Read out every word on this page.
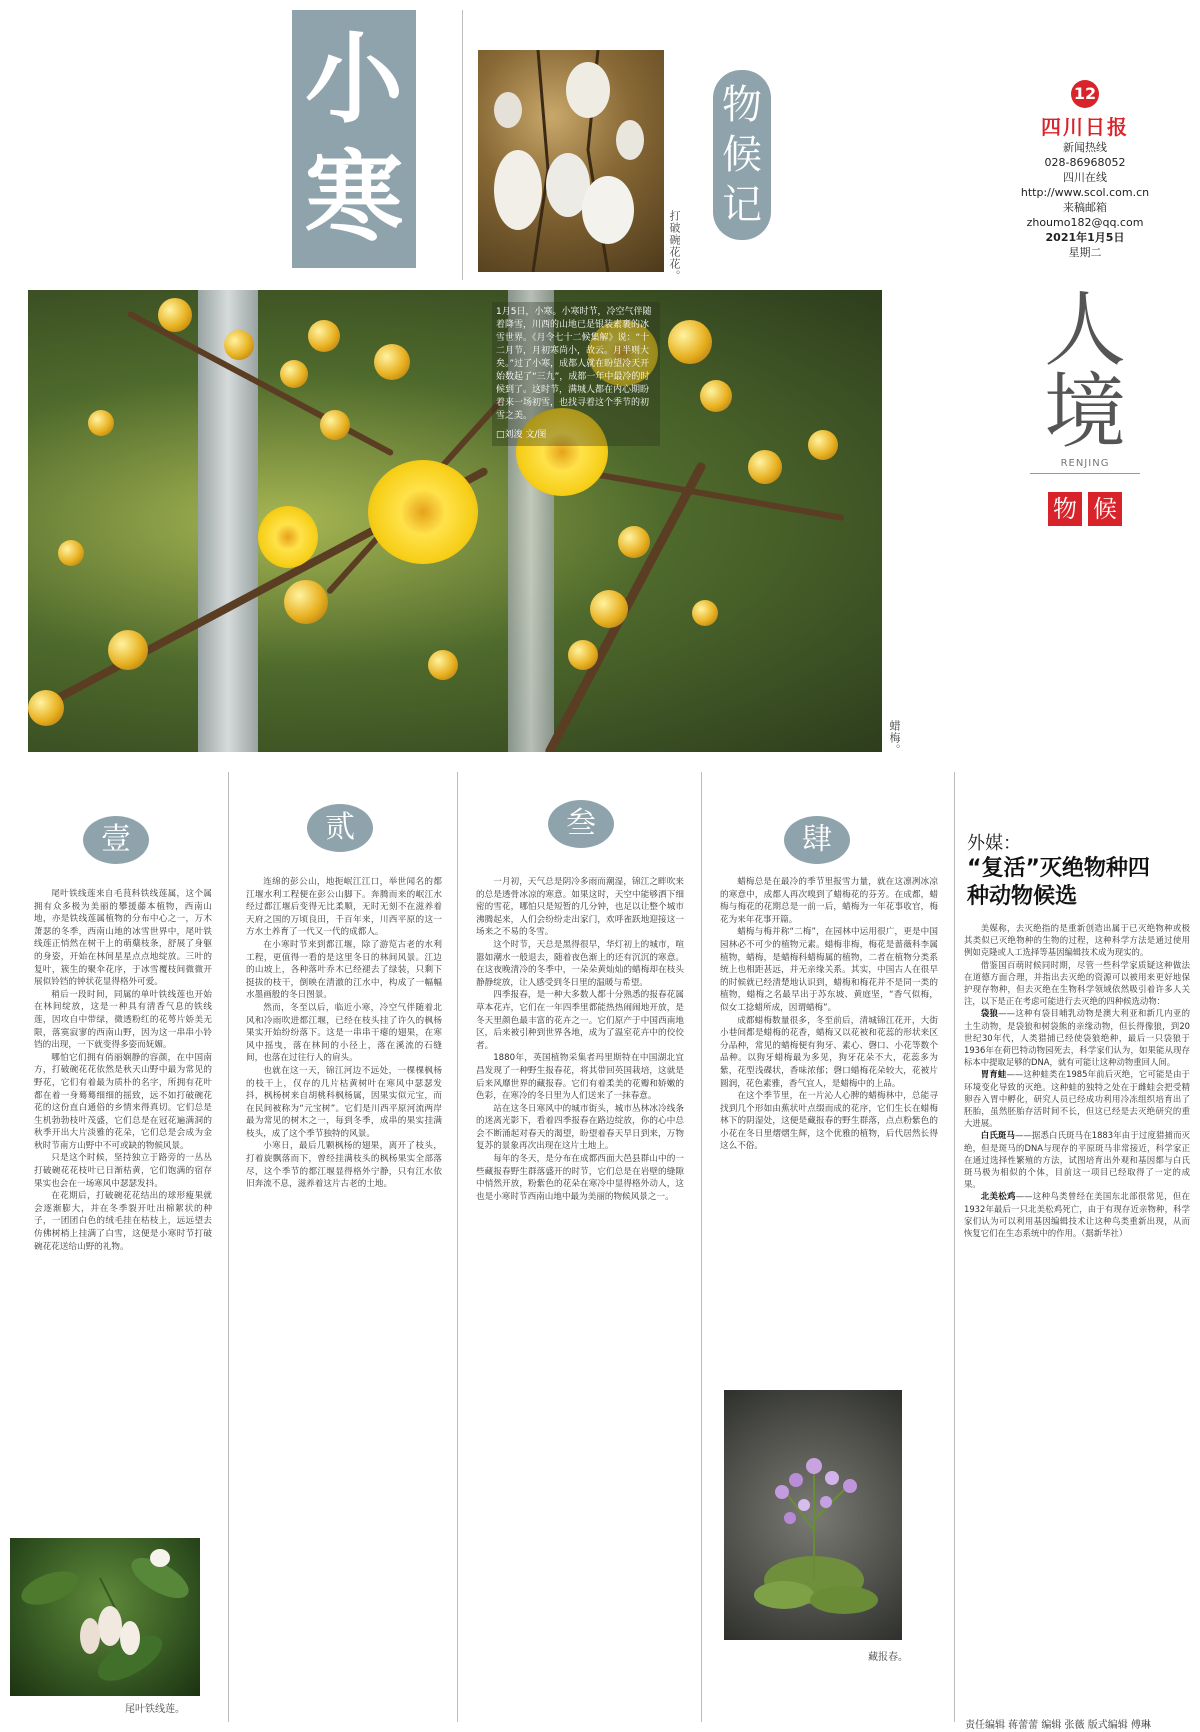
小
寒	打破碗花花。
物
候
记
12
四川日报
新闻热线
028-86968052
四川在线
http://www.scol.com.cn
来稿邮箱
zhoumo182@qq.com
2021年1月5日
星期二
人境
RENJING
物 候
1月5日，小寒。小寒时节，冷空气伴随着降雪，川西的山地已是银装素裹的冰雪世界。《月令七十二候集解》说：“十二月节，月初寒尚小，故云。月半则大矣。”过了小寒，成都人就在盼望冷天开始数起了“三九”，成都一年中最冷的时候到了。这时节，满城人都在内心期盼着来一场初雪，也找寻着这个季节的初雪之美。
□刘浚 文/图
蜡梅。
壹	贰	叁	肆

尾叶铁线莲来自毛茛科铁线莲属，这个属拥有众多极为美丽的攀援藤本植物，西南山地，亦是铁线莲属植物的分布中心之一，万木萧瑟的冬季，西南山地的冰雪世界中，尾叶铁线莲正悄然在树干上的萌蘖枝条，舒展了身躯的身姿，开始在林间星星点点地绽放。三叶的复叶，簇生的聚伞花序，于冰雪覆枝间微微开展似铃铛的钟状花显得格外可爱。

稍后一段时间，同属的单叶铁线莲也开始在林间绽放，这是一种具有清香气息的铁线莲，因攻自中带绿，微透粉红的花萼片娇美无限，落寞寂寥的西南山野，因为这一串串小铃铛的出现，一下就变得多姿而妩媚。

哪怕它们拥有俏丽娴静的容颜，在中国南方，打破碗花花依然是秋天山野中最为常见的野花，它们有着最为质朴的名字，所拥有花叶都在着一身蓦蓦细细的摇致，远不如打破碗花花的这份直白通俗的乡情来得真切。它们总是生机勃勃枝叶茂盛，它们总是在冠花遍满洞的秋季开出大片淡雅的花朵，它们总是会成为金秋时节南方山野中不可或缺的物候风景。

只是这个时候，坚持独立于路旁的一丛丛打破碗花花枝叶已日渐枯黄，它们饱满的宿存果实也会在一场寒风中瑟瑟发抖。

在花期后，打破碗花花结出的球形瘦果就会逐渐膨大，并在冬季裂开吐出棉絮状的种子，一团团白色的绒毛挂在枯枝上，远远望去仿佛树梢上挂满了白雪，这便是小寒时节打破碗花花送给山野的礼物。

尾叶铁线莲。

连绵的彭公山，地扼岷江江口，举世闻名的都江堰水利工程便在彭公山脚下。奔腾而来的岷江水经过都江堰后变得无比柔顺，无时无刻不在滋养着天府之国的万顷良田，千百年来，川西平原的这一方水土养育了一代又一代的成都人。

在小寒时节来到都江堰，除了游览古老的水利工程，更值得一看的是这里冬日的林间风景。江边的山坡上，各种落叶乔木已经褪去了绿装，只剩下挺拔的枝干，倒映在清澈的江水中，构成了一幅幅水墨画般的冬日图景。

然而，冬至以后，临近小寒，冷空气伴随着北风和冷雨吹进都江堰，已经在枝头挂了许久的枫杨果实开始纷纷落下。这是一串串干瘪的翅果，在寒风中摇曳，落在林间的小径上，落在溪流的石缝间，也落在过往行人的肩头。

也就在这一天，锦江河边不远处，一棵棵枫杨的枝干上，仅存的几片枯黄树叶在寒风中瑟瑟发抖，枫杨树来自胡桃科枫杨属，因果实似元宝，而在民间被称为“元宝树”。它们是川西平原河流两岸最为常见的树木之一，每到冬季，成串的果实挂满枝头，成了这个季节独特的风景。

小寒日，最后几颗枫杨的翅果，离开了枝头，打着旋飘落而下，曾经挂满枝头的枫杨果实全部落尽，这个季节的都江堰显得格外宁静，只有江水依旧奔流不息，滋养着这片古老的土地。

一月初，天气总是阴冷多雨而潮湿，锦江之畔吹来的总是透骨冰凉的寒意。如果这时，天空中能够洒下细密的雪花，哪怕只是短暂的几分钟，也足以让整个城市沸腾起来，人们会纷纷走出家门，欢呼雀跃地迎接这一场来之不易的冬雪。

这个时节，天总是黑得很早，华灯初上的城市，喧嚣如潮水一般退去，随着夜色渐上的还有沉沉的寒意。在这夜晚清冷的冬季中，一朵朵黄灿灿的蜡梅却在枝头静静绽放，让人感受到冬日里的温暖与希望。

四季报春，是一种大多数人都十分熟悉的报春花属草本花卉，它们在一年四季里都能热热闹闹地开放，是冬天里颜色最丰富的花卉之一。它们原产于中国西南地区，后来被引种到世界各地，成为了温室花卉中的佼佼者。

1880年，英国植物采集者玛里斯特在中国湖北宜昌发现了一种野生报春花，将其带回英国栽培，这就是后来风靡世界的藏报春。它们有着柔美的花瓣和娇嫩的色彩，在寒冷的冬日里为人们送来了一抹春意。

站在这冬日寒风中的城市街头，城市丛林冰冷线条的迷离光影下，看着四季报春在路边绽放，你的心中总会不断涌起对春天的渴望，盼望着春天早日到来，万物复苏的景象再次出现在这片土地上。

每年的冬天，是分布在成都西面大邑县群山中的一些藏报春野生群落盛开的时节，它们总是在岩壁的缝隙中悄然开放，粉紫色的花朵在寒冷中显得格外动人，这也是小寒时节西南山地中最为美丽的物候风景之一。

蜡梅总是在最冷的季节里报雪力量，就在这凛冽冰凉的寒意中，成都人再次嗅到了蜡梅花的芬芳。在成都，蜡梅与梅花的花期总是一前一后，蜡梅为一年花事收官，梅花为来年花事开篇。

蜡梅与梅并称“二梅”，在园林中运用很广，更是中国园林必不可少的植物元素。蜡梅非梅，梅花是蔷薇科李属植物，蜡梅，是蜡梅科蜡梅属的植物，二者在植物分类系统上也相距甚远，并无亲缘关系。其实，中国古人在很早的时候就已经清楚地认识到，蜡梅和梅花并不是同一类的植物，蜡梅之名最早出于苏东坡、黄庭坚，“香气似梅，似女工捻蜡所成，因谓蜡梅”。

成都蜡梅数量很多，冬至前后，清城锦江花开，大街小巷间都是蜡梅的花香，蜡梅又以花被和花蕊的形状来区分品种，常见的蜡梅便有狗牙、素心、磬口、小花等数个品种。以狗牙蜡梅最为多见，狗牙花朵不大，花蕊多为紫，花型浅碟状，香味浓郁；磬口蜡梅花朵较大，花被片圆润，花色素雅，香气宜人，是蜡梅中的上品。

在这个季节里，在一片沁人心脾的蜡梅林中，总能寻找到几个形如由蕉状叶点缀而成的花序，它们生长在蜡梅林下的阴湿处，这便是藏报春的野生群落，点点粉紫色的小花在冬日里熠熠生辉，这个优雅的植物，后代居然长得这么不俗。

藏报春。
外媒：
“复活”灭绝物种四种动物候选

美媒称，去灭绝指的是重新创造出属于已灭绝物种或极其类似已灭绝物种的生物的过程，这种科学方法是通过使用例如克隆或人工选择等基因编辑技术成为现实的。

借鉴国百萌时候同时期，尽管一些科学家质疑这种做法在道德方面合理，并指出去灭绝的资源可以被用来更好地保护现存物种，但去灭绝在生物科学领域依然吸引着许多人关注，以下是正在考虑可能进行去灭绝的四种候选动物：

袋狼——这种有袋目哺乳动物是澳大利亚和新几内亚的土生动物，是袋狼和树袋熊的亲缘动物，但长得像狼，到20世纪30年代，人类猎捕已经使袋狼绝种，最后一只袋狼于1936年在荷巴特动物园死去，科学家们认为，如果能从现存标本中提取足够的DNA，就有可能让这种动物重回人间。

胃育蛙——这种蛙类在1985年前后灭绝，它可能是由于环境变化导致的灭绝。这种蛙的独特之处在于雌蛙会把受精卵吞入胃中孵化，研究人员已经成功利用冷冻组织培育出了胚胎，虽然胚胎存活时间不长，但这已经是去灭绝研究的重大进展。

白氏斑马——据悉白氏斑马在1883年由于过度猎捕而灭绝，但是斑马的DNA与现存的平原斑马非常接近，科学家正在通过选择性繁殖的方法，试图培育出外观和基因都与白氏斑马极为相似的个体，目前这一项目已经取得了一定的成果。

北美松鸡——这种鸟类曾经在美国东北部很常见，但在1932年最后一只北美松鸡死亡，由于有现存近亲物种，科学家们认为可以利用基因编辑技术让这种鸟类重新出现，从而恢复它们在生态系统中的作用。（据新华社）

责任编辑 蒋蕾蕾 编辑 张薇 版式编辑 傅琳
